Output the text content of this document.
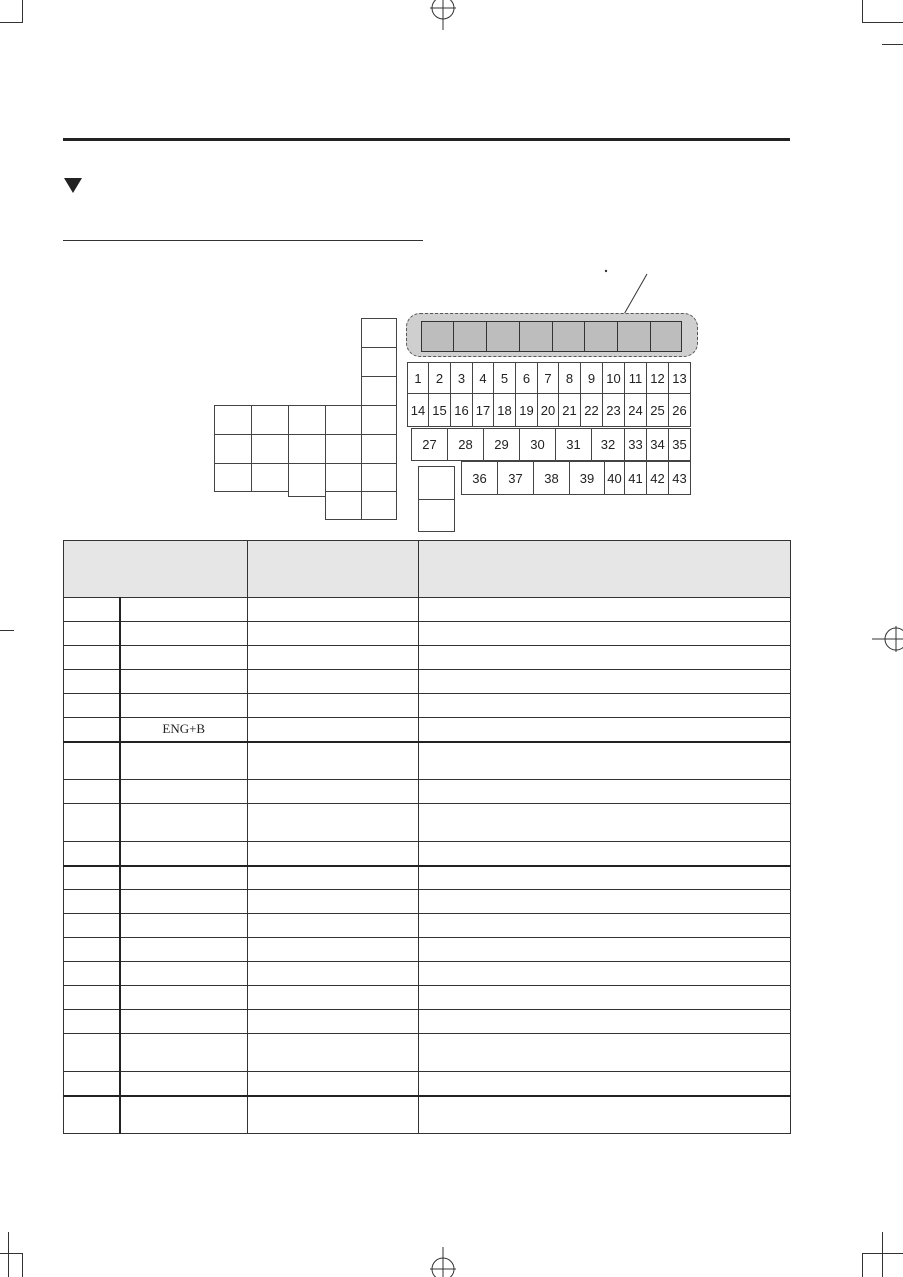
1	2	3	4	5	6	7	8	9 10 11 12 13
14 15 16 17 18 19 20 21 22 23 24 25 26
27	28	29	30	31	32	33 34 35
36	37	38	39	40 41 42 43

	ENG+B		
